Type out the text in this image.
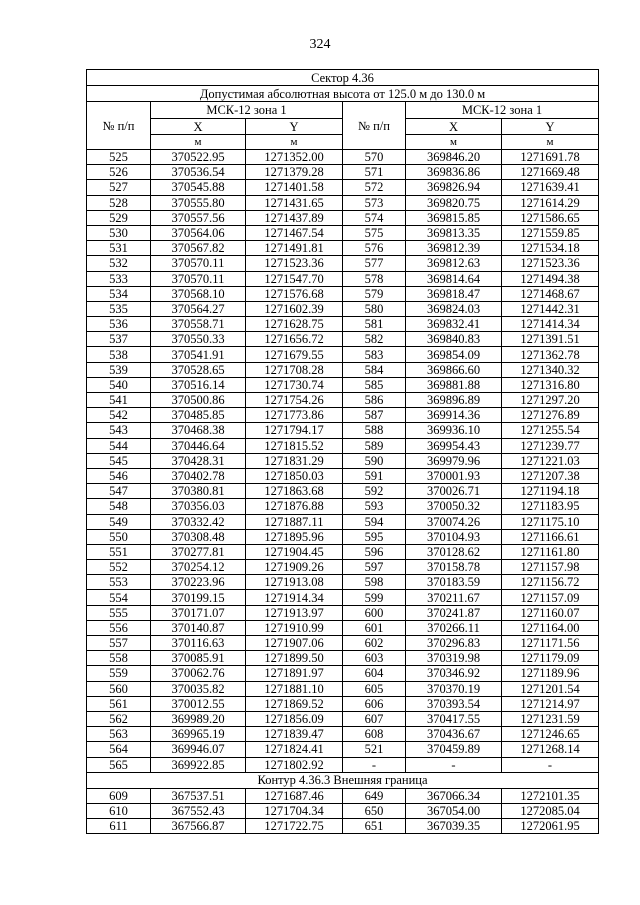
324
Сектор 4.36					
Допустимая абсолютная высота от 125.0 м до 130.0 м					
№ п/п	МСК-12 зона 1		№ п/п	МСК-12 зона 1	
	X	Y		X	Y
	м	м		м	м
525	370522.95	1271352.00	570	369846.20	1271691.78
526	370536.54	1271379.28	571	369836.86	1271669.48
527	370545.88	1271401.58	572	369826.94	1271639.41
528	370555.80	1271431.65	573	369820.75	1271614.29
529	370557.56	1271437.89	574	369815.85	1271586.65
530	370564.06	1271467.54	575	369813.35	1271559.85
531	370567.82	1271491.81	576	369812.39	1271534.18
532	370570.11	1271523.36	577	369812.63	1271523.36
533	370570.11	1271547.70	578	369814.64	1271494.38
534	370568.10	1271576.68	579	369818.47	1271468.67
535	370564.27	1271602.39	580	369824.03	1271442.31
536	370558.71	1271628.75	581	369832.41	1271414.34
537	370550.33	1271656.72	582	369840.83	1271391.51
538	370541.91	1271679.55	583	369854.09	1271362.78
539	370528.65	1271708.28	584	369866.60	1271340.32
540	370516.14	1271730.74	585	369881.88	1271316.80
541	370500.86	1271754.26	586	369896.89	1271297.20
542	370485.85	1271773.86	587	369914.36	1271276.89
543	370468.38	1271794.17	588	369936.10	1271255.54
544	370446.64	1271815.52	589	369954.43	1271239.77
545	370428.31	1271831.29	590	369979.96	1271221.03
546	370402.78	1271850.03	591	370001.93	1271207.38
547	370380.81	1271863.68	592	370026.71	1271194.18
548	370356.03	1271876.88	593	370050.32	1271183.95
549	370332.42	1271887.11	594	370074.26	1271175.10
550	370308.48	1271895.96	595	370104.93	1271166.61
551	370277.81	1271904.45	596	370128.62	1271161.80
552	370254.12	1271909.26	597	370158.78	1271157.98
553	370223.96	1271913.08	598	370183.59	1271156.72
554	370199.15	1271914.34	599	370211.67	1271157.09
555	370171.07	1271913.97	600	370241.87	1271160.07
556	370140.87	1271910.99	601	370266.11	1271164.00
557	370116.63	1271907.06	602	370296.83	1271171.56
558	370085.91	1271899.50	603	370319.98	1271179.09
559	370062.76	1271891.97	604	370346.92	1271189.96
560	370035.82	1271881.10	605	370370.19	1271201.54
561	370012.55	1271869.52	606	370393.54	1271214.97
562	369989.20	1271856.09	607	370417.55	1271231.59
563	369965.19	1271839.47	608	370436.67	1271246.65
564	369946.07	1271824.41	521	370459.89	1271268.14
565	369922.85	1271802.92	-	-	-
Контур 4.36.3 Внешняя граница					
609	367537.51	1271687.46	649	367066.34	1272101.35
610	367552.43	1271704.34	650	367054.00	1272085.04
611	367566.87	1271722.75	651	367039.35	1272061.95
